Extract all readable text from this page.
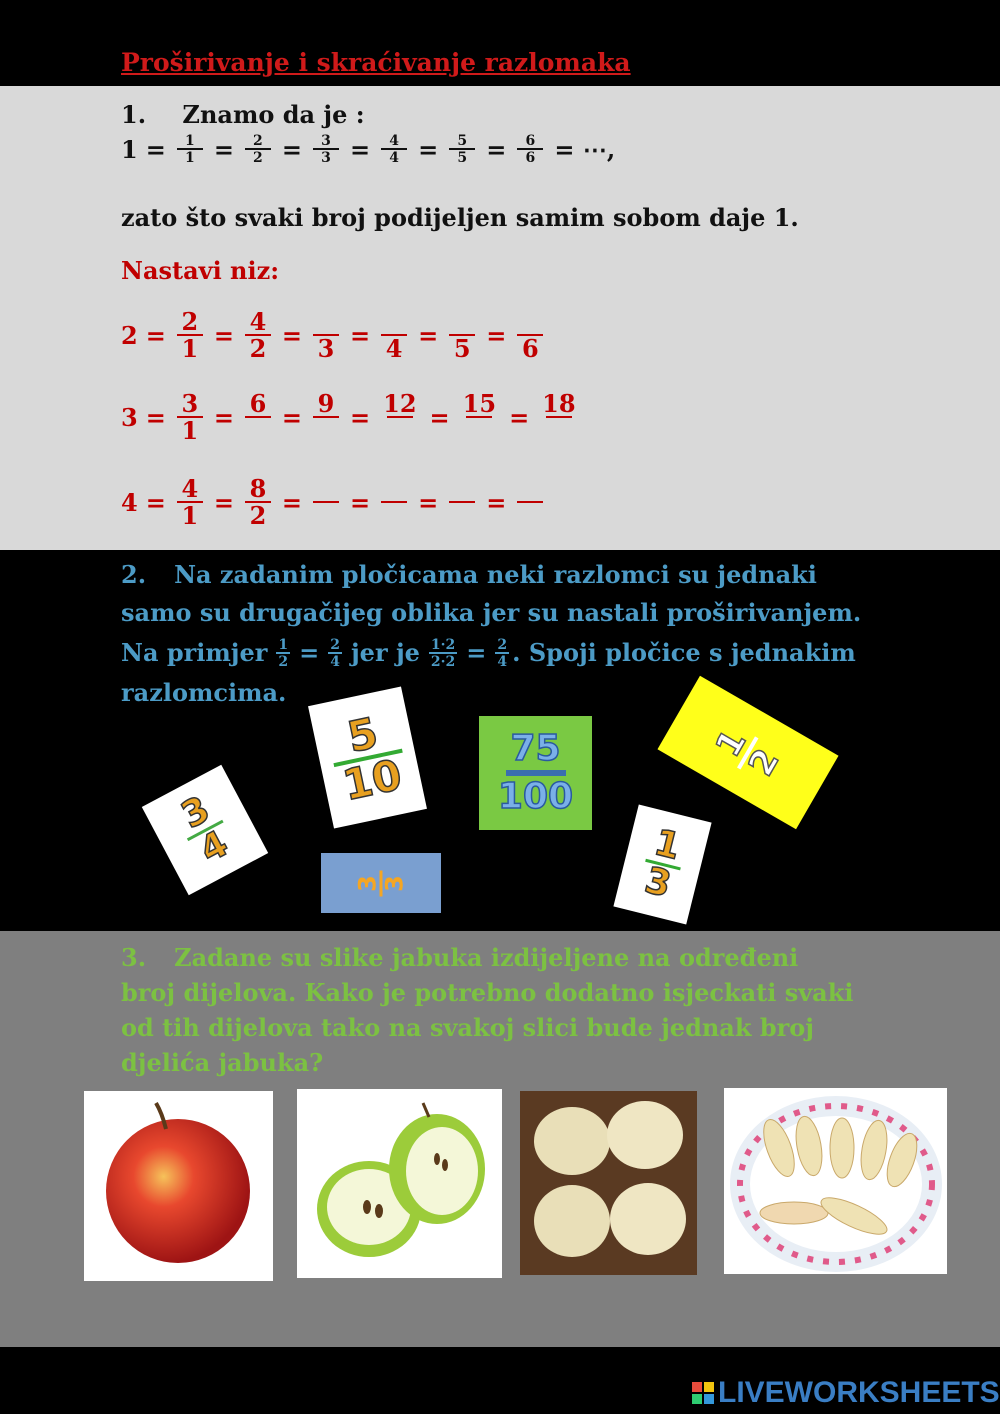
Proširivanje i skraćivanje razlomaka
1. Znamo da je :
$1 = \frac{1}{1} = \frac{2}{2} = \frac{3}{3} = \frac{4}{4} = \frac{5}{5} = \frac{6}{6}$ = ⋯,
zato što svaki broj podijeljen samim sobom daje 1.
Nastavi niz:
$2 = \frac{2}{1} = \frac{4}{2}$ =
3 =
4 =
5 =
6
$3 = \frac{3}{1} = 6$
= 9
= 12
= 15
= 18

$4 = \frac{4}{1} = \frac{8}{2}$ =

=

=

=

2. Na zadanim pločicama neki razlomci su jednaki
samo su drugačijeg oblika jer su nastali proširivanjem.
Na primjer $\frac{1}{2} = \frac{2}{4}$ jer je $\frac{1\cdot 2}{2\cdot 2} = \frac{2}{4}$ . Spoji pločice s jednakim
razlomcima.
3
4
5
10
75
100
1
2
1
3
3 3
3. Zadane su slike jabuka izdijeljene na određeni
broj dijelova. Kako je potrebno dodatno isjeckati svaki
od tih dijelova tako na svakoj slici bude jednak broj
djelića jabuka?
LIVEWORKSHEETS
